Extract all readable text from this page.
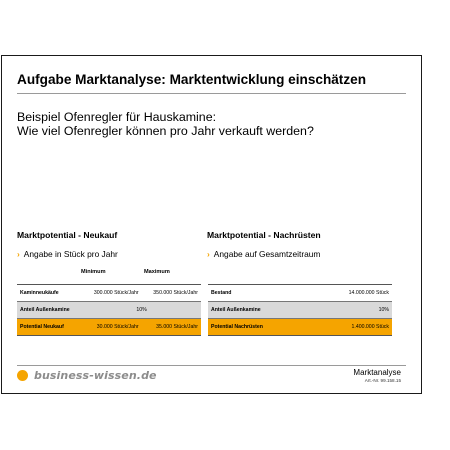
Aufgabe Marktanalyse: Marktentwicklung einschätzen
Beispiel Ofenregler für Hauskamine:
Wie viel Ofenregler können pro Jahr verkauft werden?
Marktpotential - Neukauf
› Angabe in Stück pro Jahr
Minimum	Maximum
Kaminneukäufe	300.000 Stück/Jahr	350.000 Stück/Jahr
Anteil Außenkamine	10%	
Potential Neukauf	30.000 Stück/Jahr	35.000 Stück/Jahr
Marktpotential - Nachrüsten
› Angabe auf Gesamtzeitraum
Bestand	14.000.000 Stück
Anteil Außenkamine	10%
Potential Nachrüsten	1.400.000 Stück
business-wissen.de	Marktanalyse
Art.-Nr. 99.158.15
